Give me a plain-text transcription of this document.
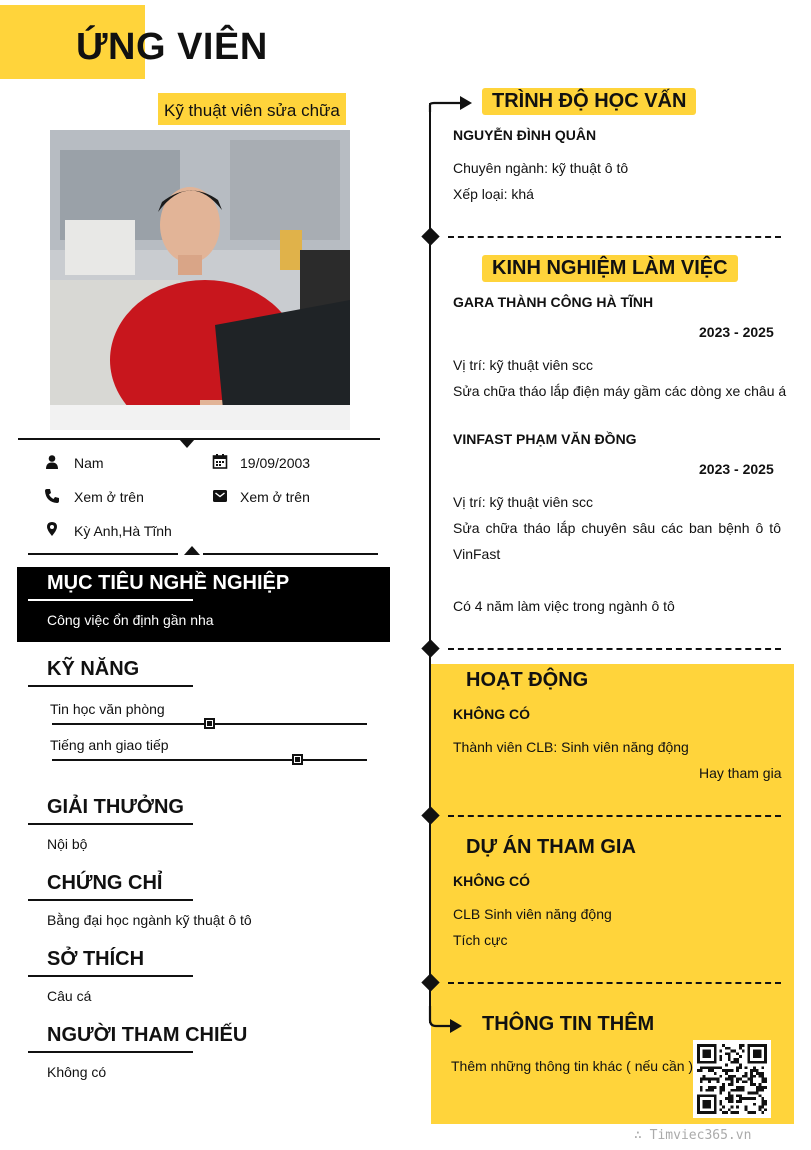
ỨNG VIÊN
Kỹ thuật viên sửa chữa
Nam	19/09/2003
Xem ở trên	Xem ở trên
Kỳ Anh,Hà Tĩnh
MỤC TIÊU NGHỀ NGHIỆP
Công việc ổn định gần nha
KỸ NĂNG
Tin học văn phòng
Tiếng anh giao tiếp
GIẢI THƯỞNG
Nội bộ
CHỨNG CHỈ
Bằng đại học ngành kỹ thuật ô tô
SỞ THÍCH
Câu cá
NGƯỜI THAM CHIẾU
Không có
TRÌNH ĐỘ HỌC VẤN
NGUYỄN ĐÌNH QUÂN
Chuyên ngành: kỹ thuật ô tô
Xếp loại: khá
KINH NGHIỆM LÀM VIỆC
GARA THÀNH CÔNG HÀ TĨNH
2023 - 2025
Vị trí: kỹ thuật viên scc
Sửa chữa tháo lắp điện máy gầm các dòng xe châu á
VINFAST PHẠM VĂN ĐỒNG
2023 - 2025
Vị trí: kỹ thuật viên scc
Sửa chữa tháo lắp chuyên sâu các ban bệnh ô tô
VinFast
Có 4 năm làm việc trong ngành ô tô
HOẠT ĐỘNG
KHÔNG CÓ
Thành viên CLB: Sinh viên năng động
Hay tham gia
DỰ ÁN THAM GIA
KHÔNG CÓ
CLB Sinh viên năng động
Tích cực
THÔNG TIN THÊM
Thêm những thông tin khác ( nếu cần )
∴ Timviec365.vn
